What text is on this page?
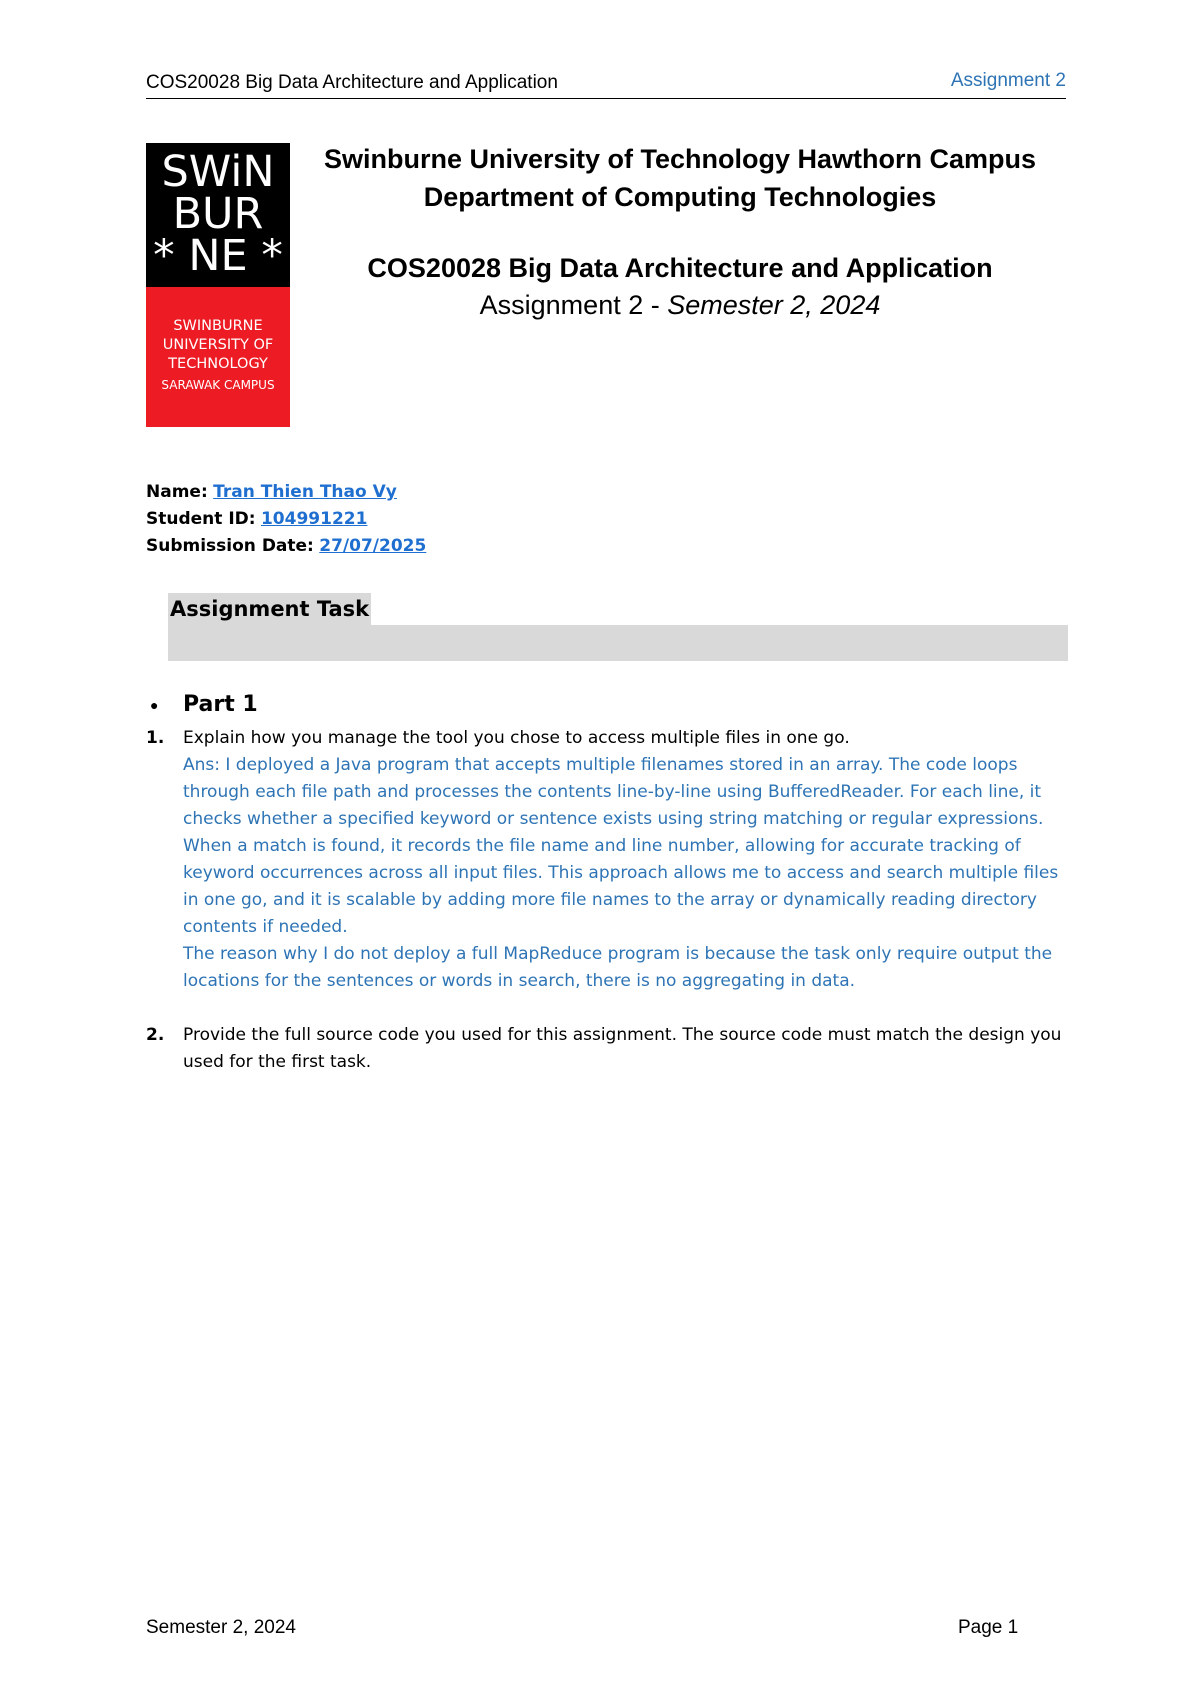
COS20028 Big Data Architecture and Application	Assignment 2
SWiN
BUR
* NE *
SWINBURNE
UNIVERSITY OF
TECHNOLOGY
SARAWAK CAMPUS
Swinburne University of Technology Hawthorn Campus
Department of Computing Technologies
COS20028 Big Data Architecture and Application
Assignment 2 - Semester 2, 2024
Name: Tran Thien Thao Vy
Student ID: 104991221
Submission Date: 27/07/2025
Assignment Task
● Part 1
1. Explain how you manage the tool you chose to access multiple files in one go.
Ans: I deployed a Java program that accepts multiple filenames stored in an array. The code loops through each file path and processes the contents line-by-line using BufferedReader. For each line, it checks whether a specified keyword or sentence exists using string matching or regular expressions. When a match is found, it records the file name and line number, allowing for accurate tracking of keyword occurrences across all input files. This approach allows me to access and search multiple files in one go, and it is scalable by adding more file names to the array or dynamically reading directory contents if needed.
The reason why I do not deploy a full MapReduce program is because the task only require output the locations for the sentences or words in search, there is no aggregating in data.
2. Provide the full source code you used for this assignment. The source code must match the design you used for the first task.
Semester 2, 2024	Page 1
